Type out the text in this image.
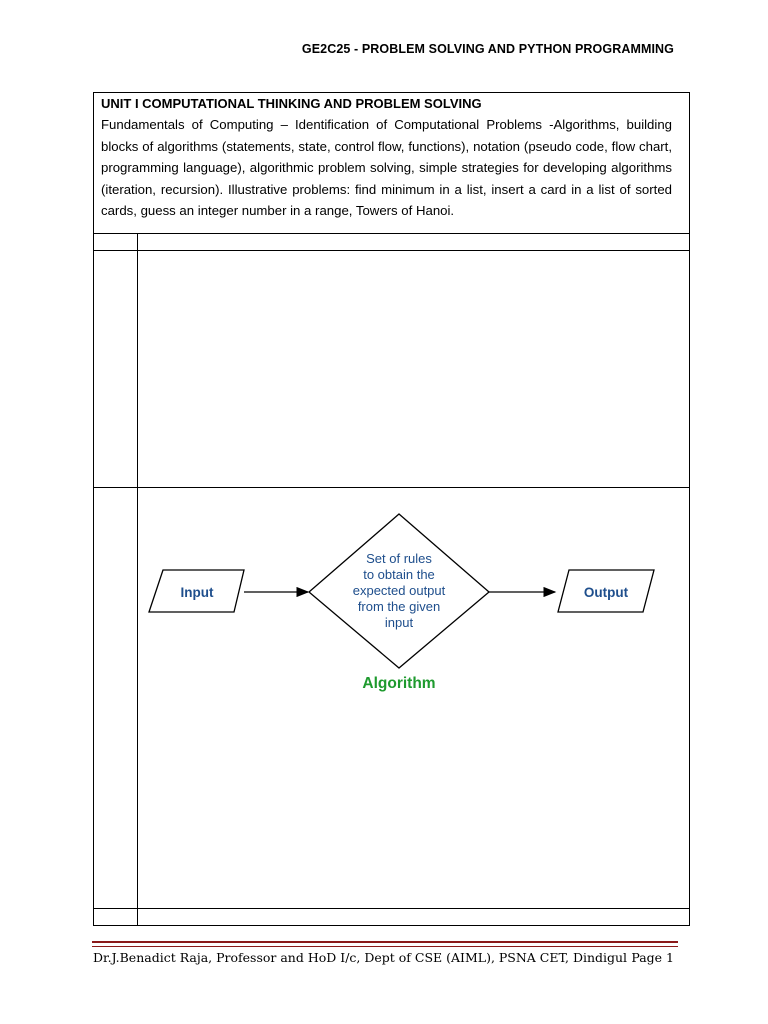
GE2C25 - PROBLEM SOLVING AND PYTHON PROGRAMMING

UNIT I COMPUTATIONAL THINKING AND PROBLEM SOLVING

Fundamentals of Computing – Identification of Computational Problems -Algorithms, building blocks of algorithms (statements, state, control flow, functions), notation (pseudo code, flow chart, programming language), algorithmic problem solving, simple strategies for developing algorithms (iteration, recursion). Illustrative problems: find minimum in a list, insert a card in a list of sorted cards, guess an integer number in a range, Towers of Hanoi.

Input
Set of rules
to obtain the
expected output
from the given
input
Output
Algorithm
Dr.J.Benadict Raja, Professor and HoD I/c, Dept of CSE (AIML), PSNA CET, Dindigul Page 1
